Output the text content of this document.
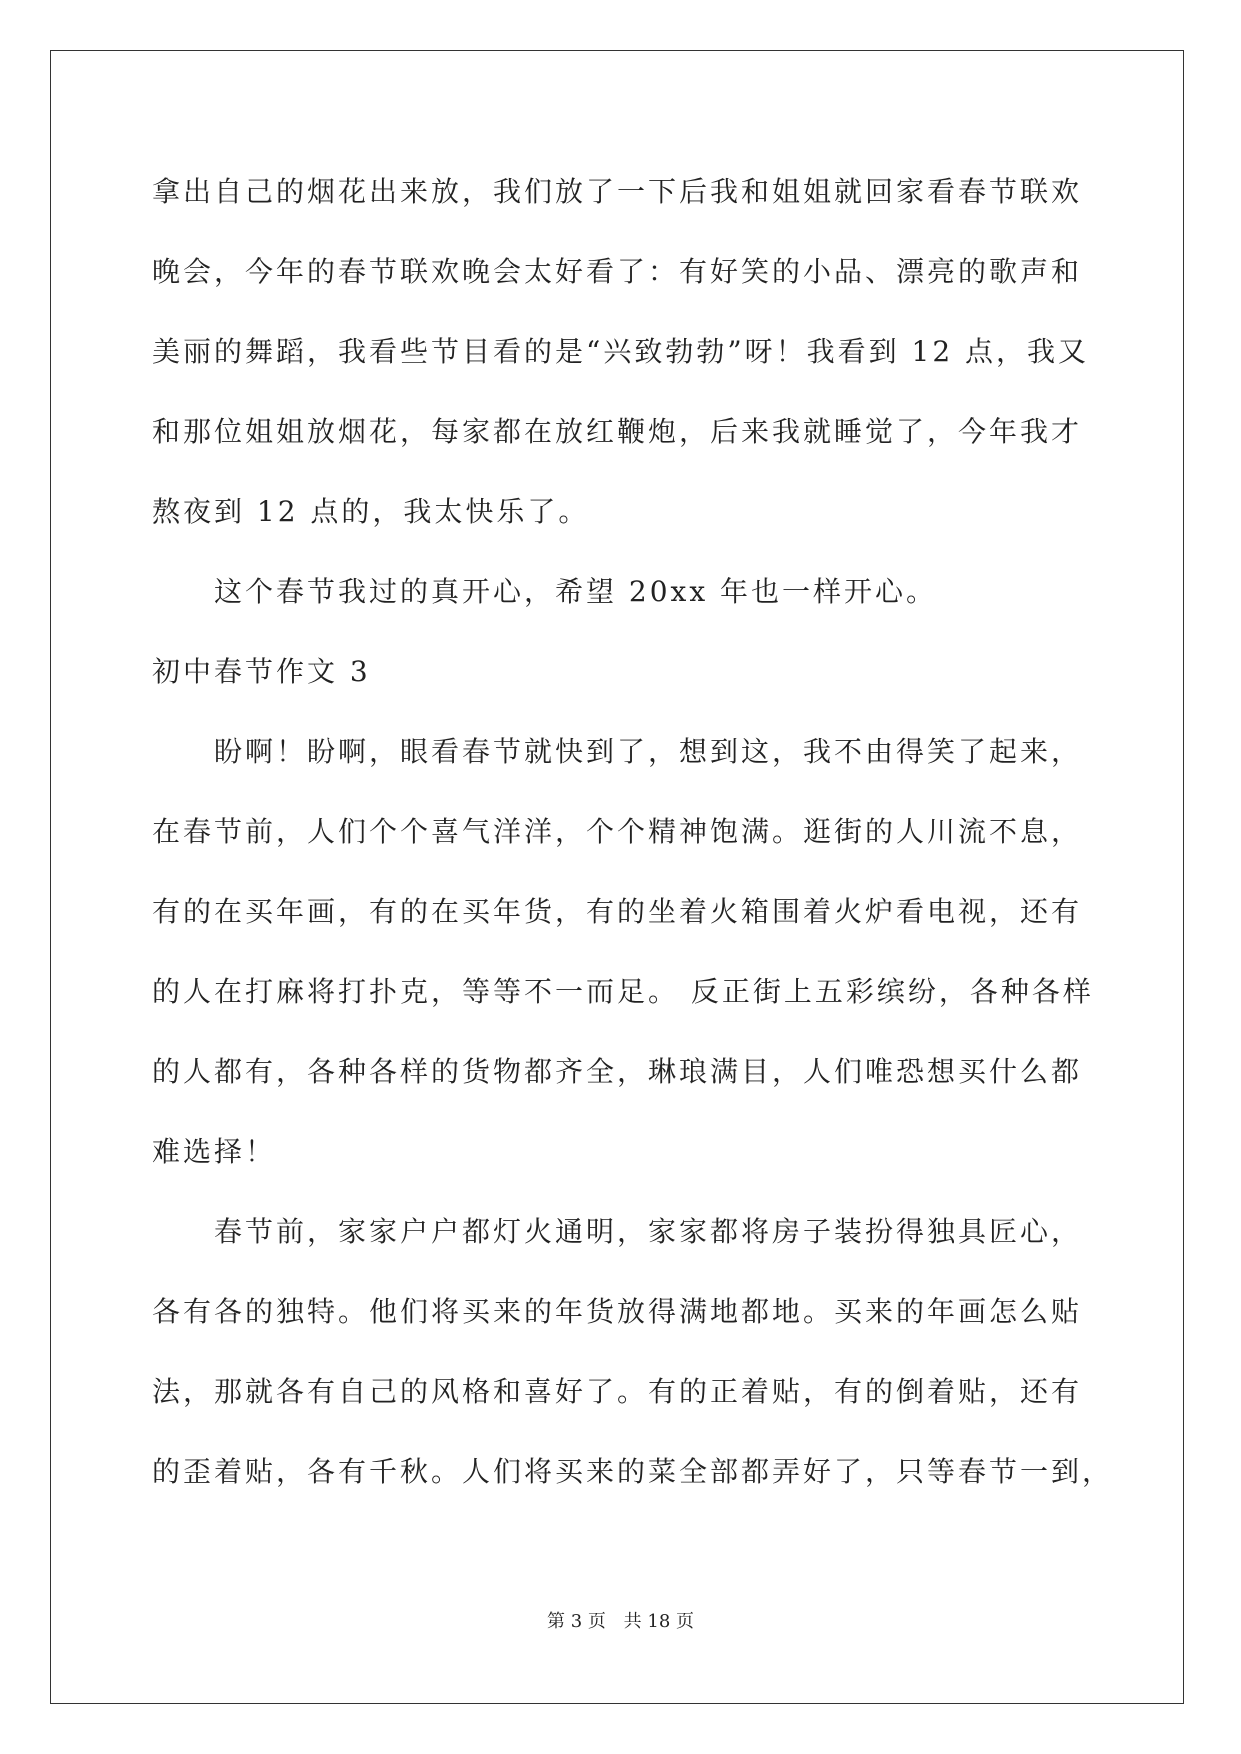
拿出自己的烟花出来放，我们放了一下后我和姐姐就回家看春节联欢
晚会，今年的春节联欢晚会太好看了：有好笑的小品、漂亮的歌声和
美丽的舞蹈，我看些节目看的是“兴致勃勃”呀！我看到 12 点，我又
和那位姐姐放烟花，每家都在放红鞭炮，后来我就睡觉了，今年我才
熬夜到 12 点的，我太快乐了。
这个春节我过的真开心，希望 20xx 年也一样开心。
初中春节作文 3
盼啊！盼啊，眼看春节就快到了，想到这，我不由得笑了起来，
在春节前，人们个个喜气洋洋，个个精神饱满。逛街的人川流不息，
有的在买年画，有的在买年货，有的坐着火箱围着火炉看电视，还有
的人在打麻将打扑克，等等不一而足。 反正街上五彩缤纷，各种各样
的人都有，各种各样的货物都齐全，琳琅满目，人们唯恐想买什么都
难选择！
春节前，家家户户都灯火通明，家家都将房子装扮得独具匠心，
各有各的独特。他们将买来的年货放得满地都地。买来的年画怎么贴
法，那就各有自己的风格和喜好了。有的正着贴，有的倒着贴，还有
的歪着贴，各有千秋。人们将买来的菜全部都弄好了，只等春节一到，
第 3 页 共 18 页
